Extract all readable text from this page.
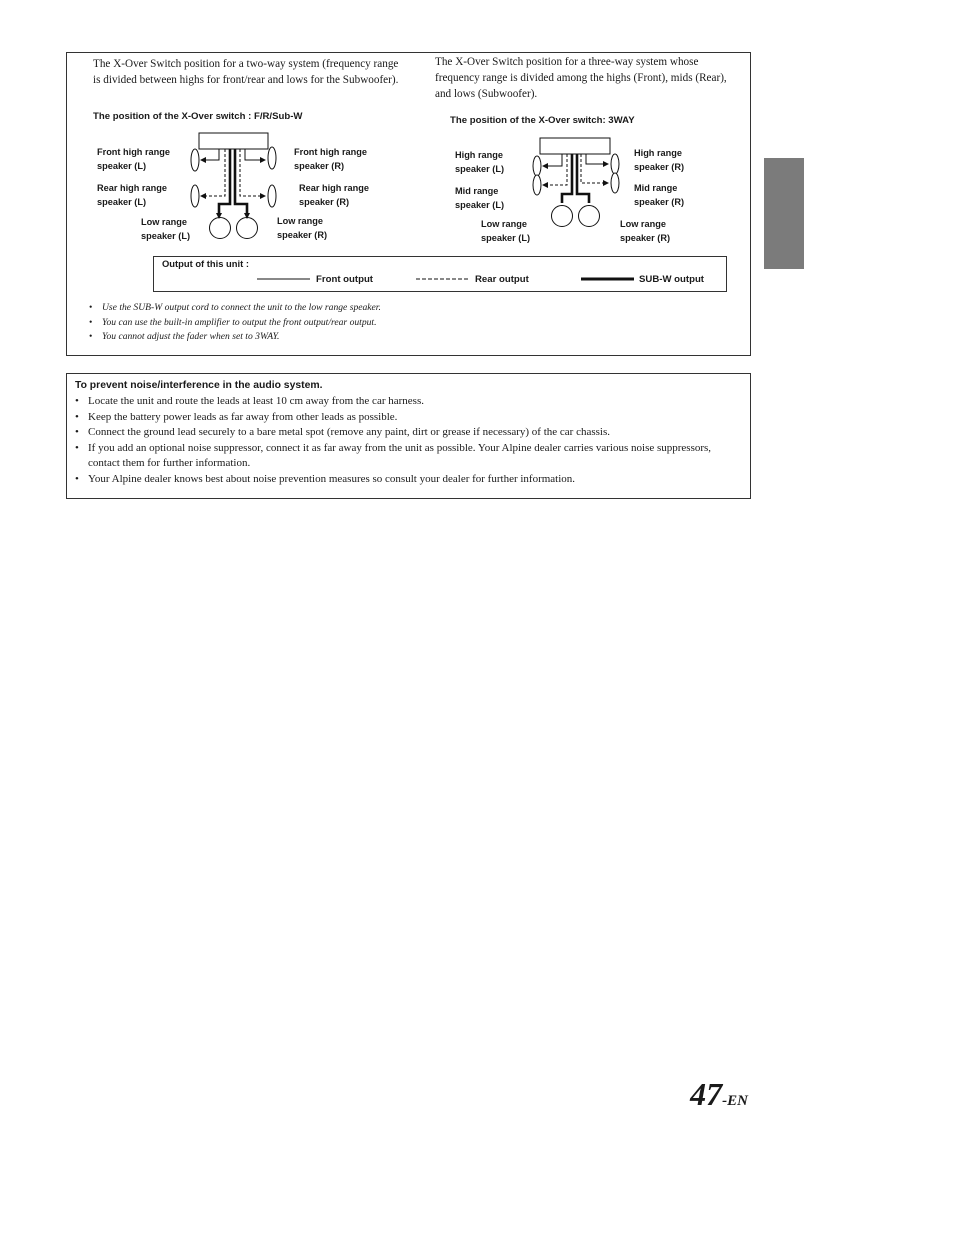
The X-Over Switch position for a two-way system (frequency range is divided between highs for front/rear and lows for the Subwoofer).
The X-Over Switch position for a three-way system whose frequency range is divided among the highs (Front), mids (Rear), and lows (Subwoofer).
The position of the X-Over switch : F/R/Sub-W	The position of the X-Over switch: 3WAY
Front high range
speaker (L)
Front high range
speaker (R)
Rear high range
speaker (L)
Rear high range
speaker (R)
Low range
speaker (L)
Low range
speaker (R)
High range
speaker (L)
High range
speaker (R)
Mid range
speaker (L)
Mid range
speaker (R)
Low range
speaker (L)
Low range
speaker (R)
Output of this unit :
Front output	Rear output	SUB-W output
• Use the SUB-W output cord to connect the unit to the low range speaker.
• You can use the built-in amplifier to output the front output/rear output.
• You cannot adjust the fader when set to 3WAY.
To prevent noise/interference in the audio system.
• Locate the unit and route the leads at least 10 cm away from the car harness.
• Keep the battery power leads as far away from other leads as possible.
• Connect the ground lead securely to a bare metal spot (remove any paint, dirt or grease if necessary) of the car chassis.
• If you add an optional noise suppressor, connect it as far away from the unit as possible. Your Alpine dealer carries various noise suppressors, contact them for further information.
• Your Alpine dealer knows best about noise prevention measures so consult your dealer for further information.
47-EN
